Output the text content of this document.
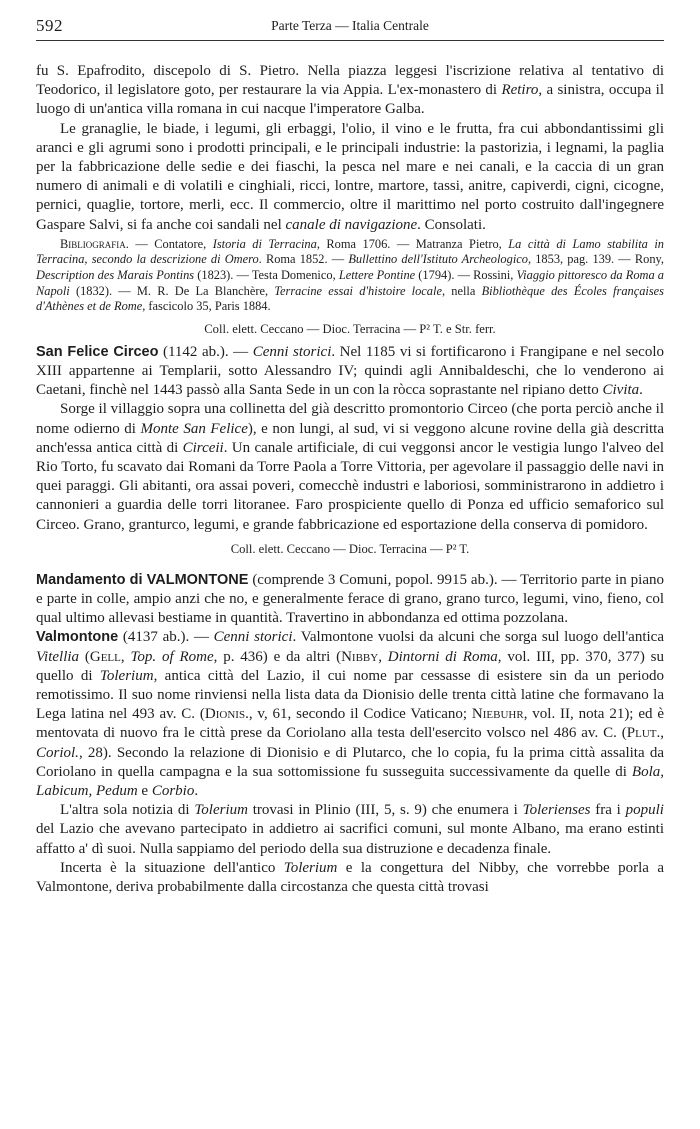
592	Parte Terza — Italia Centrale

fu S. Epafrodito, discepolo di S. Pietro. Nella piazza leggesi l'iscrizione relativa al tentativo di Teodorico, il legislatore goto, per restaurare la via Appia. L'ex-monastero di Retiro, a sinistra, occupa il luogo di un'antica villa romana in cui nacque l'imperatore Galba.

Le granaglie, le biade, i legumi, gli erbaggi, l'olio, il vino e le frutta, fra cui abbondantissimi gli aranci e gli agrumi sono i prodotti principali, e le principali industrie: la pastorizia, i legnami, la paglia per la fabbricazione delle sedie e dei fiaschi, la pesca nel mare e nei canali, e la caccia di un gran numero di animali e di volatili e cinghiali, ricci, lontre, martore, tassi, anitre, capiverdi, cigni, cicogne, pernici, quaglie, tortore, merli, ecc. Il commercio, oltre il marittimo nel porto costruito dall'ingegnere Gaspare Salvi, si fa anche coi sandali nel canale di navigazione. Consolati.

Bibliografia. — Contatore, Istoria di Terracina, Roma 1706. — Matranza Pietro, La città di Lamo stabilita in Terracina, secondo la descrizione di Omero. Roma 1852. — Bullettino dell'Istituto Archeologico, 1853, pag. 139. — Rony, Description des Marais Pontins (1823). — Testa Domenico, Lettere Pontine (1794). — Rossini, Viaggio pittoresco da Roma a Napoli (1832). — M. R. De La Blanchère, Terracine essai d'histoire locale, nella Bibliothèque des Écoles françaises d'Athènes et de Rome, fascicolo 35, Paris 1884.

Coll. elett. Ceccano — Dioc. Terracina — P² T. e Str. ferr.

San Felice Circeo (1142 ab.). — Cenni storici. Nel 1185 vi si fortificarono i Frangipane e nel secolo XIII appartenne ai Templarii, sotto Alessandro IV; quindi agli Annibaldeschi, che lo venderono ai Caetani, finchè nel 1443 passò alla Santa Sede in un con la ròcca soprastante nel ripiano detto Civita.

Sorge il villaggio sopra una collinetta del già descritto promontorio Circeo (che porta perciò anche il nome odierno di Monte San Felice), e non lungi, al sud, vi si veggono alcune rovine della già descritta anch'essa antica città di Circeii. Un canale artificiale, di cui veggonsi ancor le vestigia lungo l'alveo del Rio Torto, fu scavato dai Romani da Torre Paola a Torre Vittoria, per agevolare il passaggio delle navi in quei paraggi. Gli abitanti, ora assai poveri, comecchè industri e laboriosi, somministrarono in addietro i cannonieri a guardia delle torri litoranee. Faro prospiciente quello di Ponza ed ufficio semaforico sul Circeo. Grano, granturco, legumi, e grande fabbricazione ed esportazione della conserva di pomidoro.

Coll. elett. Ceccano — Dioc. Terracina — P² T.

Mandamento di VALMONTONE (comprende 3 Comuni, popol. 9915 ab.). — Territorio parte in piano e parte in colle, ampio anzi che no, e generalmente ferace di grano, grano turco, legumi, vino, fieno, col qual ultimo allevasi bestiame in quantità. Travertino in abbondanza ed ottima pozzolana.

Valmontone (4137 ab.). — Cenni storici. Valmontone vuolsi da alcuni che sorga sul luogo dell'antica Vitellia (Gell, Top. of Rome, p. 436) e da altri (Nibby, Dintorni di Roma, vol. III, pp. 370, 377) su quello di Tolerium, antica città del Lazio, il cui nome par cessasse di esistere sin da un periodo remotissimo. Il suo nome rinviensi nella lista data da Dionisio delle trenta città latine che formavano la Lega latina nel 493 av. C. (Dionis., v, 61, secondo il Codice Vaticano; Niebuhr, vol. II, nota 21); ed è mentovata di nuovo fra le città prese da Coriolano alla testa dell'esercito volsco nel 486 av. C. (Plut., Coriol., 28). Secondo la relazione di Dionisio e di Plutarco, che lo copia, fu la prima città assalita da Coriolano in quella campagna e la sua sottomissione fu susseguita successivamente da quelle di Bola, Labicum, Pedum e Corbio.

L'altra sola notizia di Tolerium trovasi in Plinio (III, 5, s. 9) che enumera i Tolerienses fra i populi del Lazio che avevano partecipato in addietro ai sacrifici comuni, sul monte Albano, ma erano estinti affatto a' dì suoi. Nulla sappiamo del periodo della sua distruzione e decadenza finale.

Incerta è la situazione dell'antico Tolerium e la congettura del Nibby, che vorrebbe porla a Valmontone, deriva probabilmente dalla circostanza che questa città trovasi
